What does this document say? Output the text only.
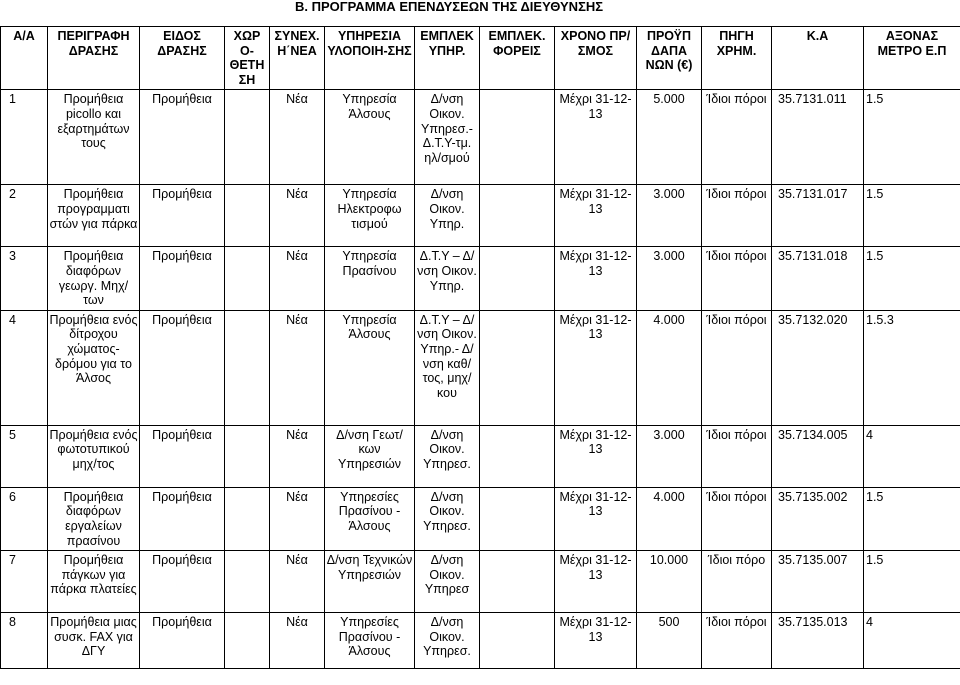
Β. ΠΡΟΓΡΑΜΜΑ ΕΠΕΝΔΥΣΕΩΝ ΤΗΣ ΔΙΕΥΘΥΝΣΗΣ
Α/Α	ΠΕΡΙΓΡΑΦΗ ΔΡΑΣΗΣ	ΕΙΔΟΣ ΔΡΑΣΗΣ	ΧΩΡ Ο-ΘΕΤΗ ΣΗ	ΣΥΝΕΧ. Η΄ΝΕΑ	ΥΠΗΡΕΣΙΑ ΥΛΟΠΟΙΗ-ΣΗΣ	ΕΜΠΛΕΚ ΥΠΗΡ.	ΕΜΠΛΕΚ. ΦΟΡΕΙΣ	ΧΡΟΝΟ ΠΡ/ ΣΜΟΣ	ΠΡΟΫΠ ΔΑΠΑ ΝΩΝ (€)	ΠΗΓΗ ΧΡΗΜ.	Κ.Α	ΑΞΟΝΑΣ ΜΕΤΡΟ Ε.Π
1	Προμήθεια picollo και εξαρτημάτων τους	Προμήθεια		Νέα	Υπηρεσία Άλσους	Δ/νση Οικον. Υπηρεσ.-Δ.Τ.Υ-τμ. ηλ/σμού		Μέχρι 31-12-13	5.000	Ίδιοι πόροι	35.7131.011	1.5
2	Προμήθεια προγραμματι στών για πάρκα	Προμήθεια		Νέα	Υπηρεσία Ηλεκτροφω τισμού	Δ/νση Οικον. Υπηρ.		Μέχρι 31-12-13	3.000	Ίδιοι πόροι	35.7131.017	1.5
3	Προμήθεια διαφόρων γεωργ. Μηχ/των	Προμήθεια		Νέα	Υπηρεσία Πρασίνου	Δ.Τ.Υ – Δ/νση Οικον. Υπηρ.		Μέχρι 31-12-13	3.000	Ίδιοι πόροι	35.7131.018	1.5
4	Προμήθεια ενός δίτροχου χώματος-δρόμου για το Άλσος	Προμήθεια		Νέα	Υπηρεσία Άλσους	Δ.Τ.Υ – Δ/νση Οικον. Υπηρ.- Δ/νση καθ/τος, μηχ/κου		Μέχρι 31-12-13	4.000	Ίδιοι πόροι	35.7132.020	1.5.3
5	Προμήθεια ενός φωτοτυπικού μηχ/τος	Προμήθεια		Νέα	Δ/νση Γεωτ/κων Υπηρεσιών	Δ/νση Οικον. Υπηρεσ.		Μέχρι 31-12-13	3.000	Ίδιοι πόροι	35.7134.005	4
6	Προμήθεια διαφόρων εργαλείων πρασίνου	Προμήθεια		Νέα	Υπηρεσίες Πρασίνου - Άλσους	Δ/νση Οικον. Υπηρεσ.		Μέχρι 31-12-13	4.000	Ίδιοι πόροι	35.7135.002	1.5
7	Προμήθεια πάγκων για πάρκα πλατείες	Προμήθεια		Νέα	Δ/νση Τεχνικών Υπηρεσιών	Δ/νση Οικον. Υπηρεσ		Μέχρι 31-12-13	10.000	Ίδιοι πόρο	35.7135.007	1.5
8	Προμήθεια μιας συσκ. FAX για ΔΓΥ	Προμήθεια		Νέα	Υπηρεσίες Πρασίνου - Άλσους	Δ/νση Οικον. Υπηρεσ.		Μέχρι 31-12-13	500	Ίδιοι πόροι	35.7135.013	4
